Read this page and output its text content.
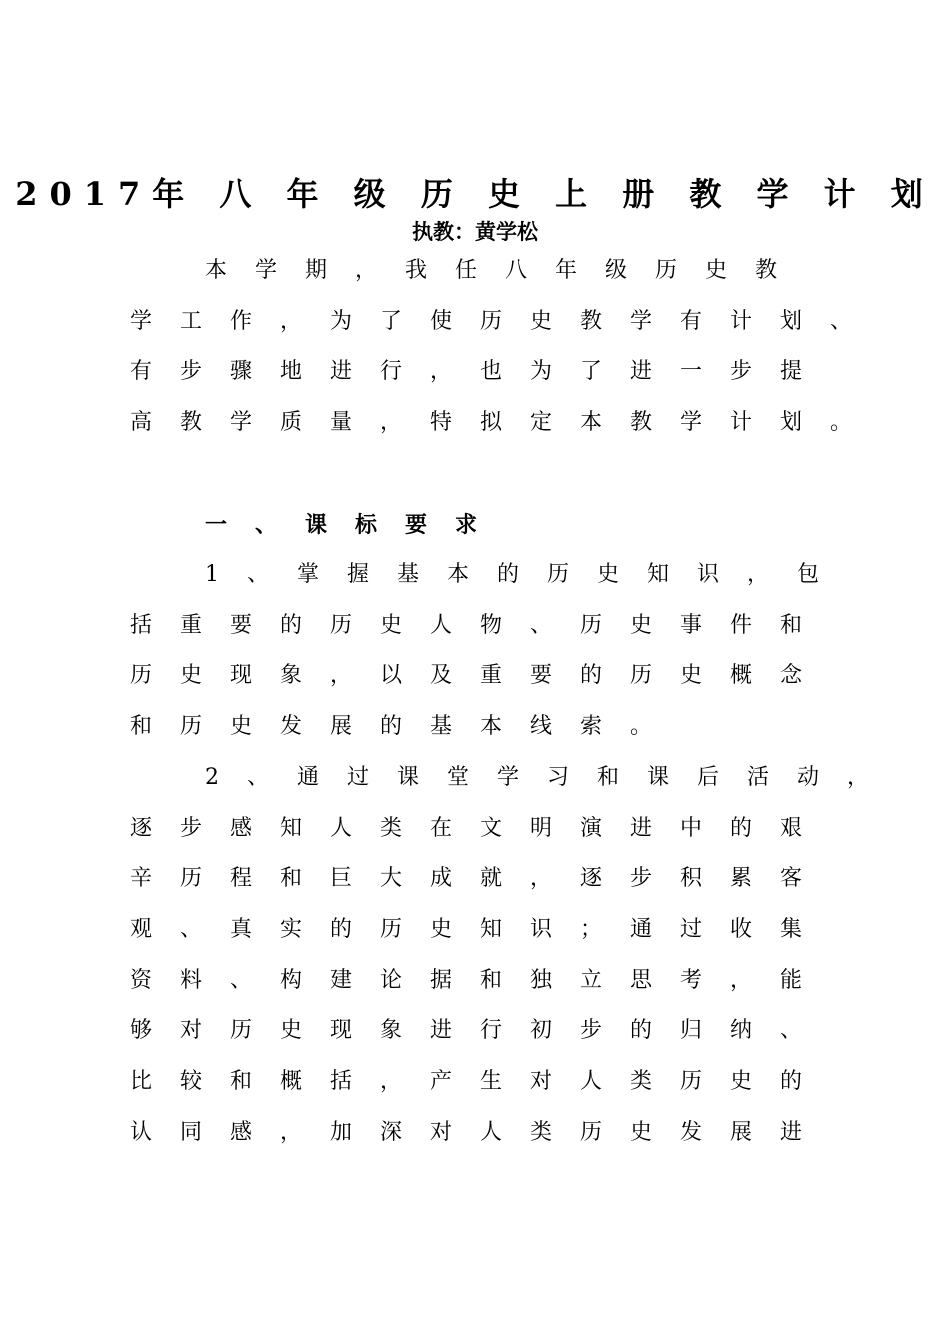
2017年 八 年 级 历 史 上 册 教 学 计 划
执教：黄学松
本学期，我任八年级历史教
学工作，为了使历史教学有计划、
有步骤地进行，也为了进一步提
高教学质量，特拟定本教学计划。
一、课标要求
1、掌握基本的历史知识，包
括重要的历史人物、历史事件和
历史现象，以及重要的历史概念
和历史发展的基本线索。
2、通过课堂学习和课后活动，
逐步感知人类在文明演进中的艰
辛历程和巨大成就，逐步积累客
观、真实的历史知识；通过收集
资料、构建论据和独立思考，能
够对历史现象进行初步的归纳、
比较和概括，产生对人类历史的
认同感，加深对人类历史发展进
